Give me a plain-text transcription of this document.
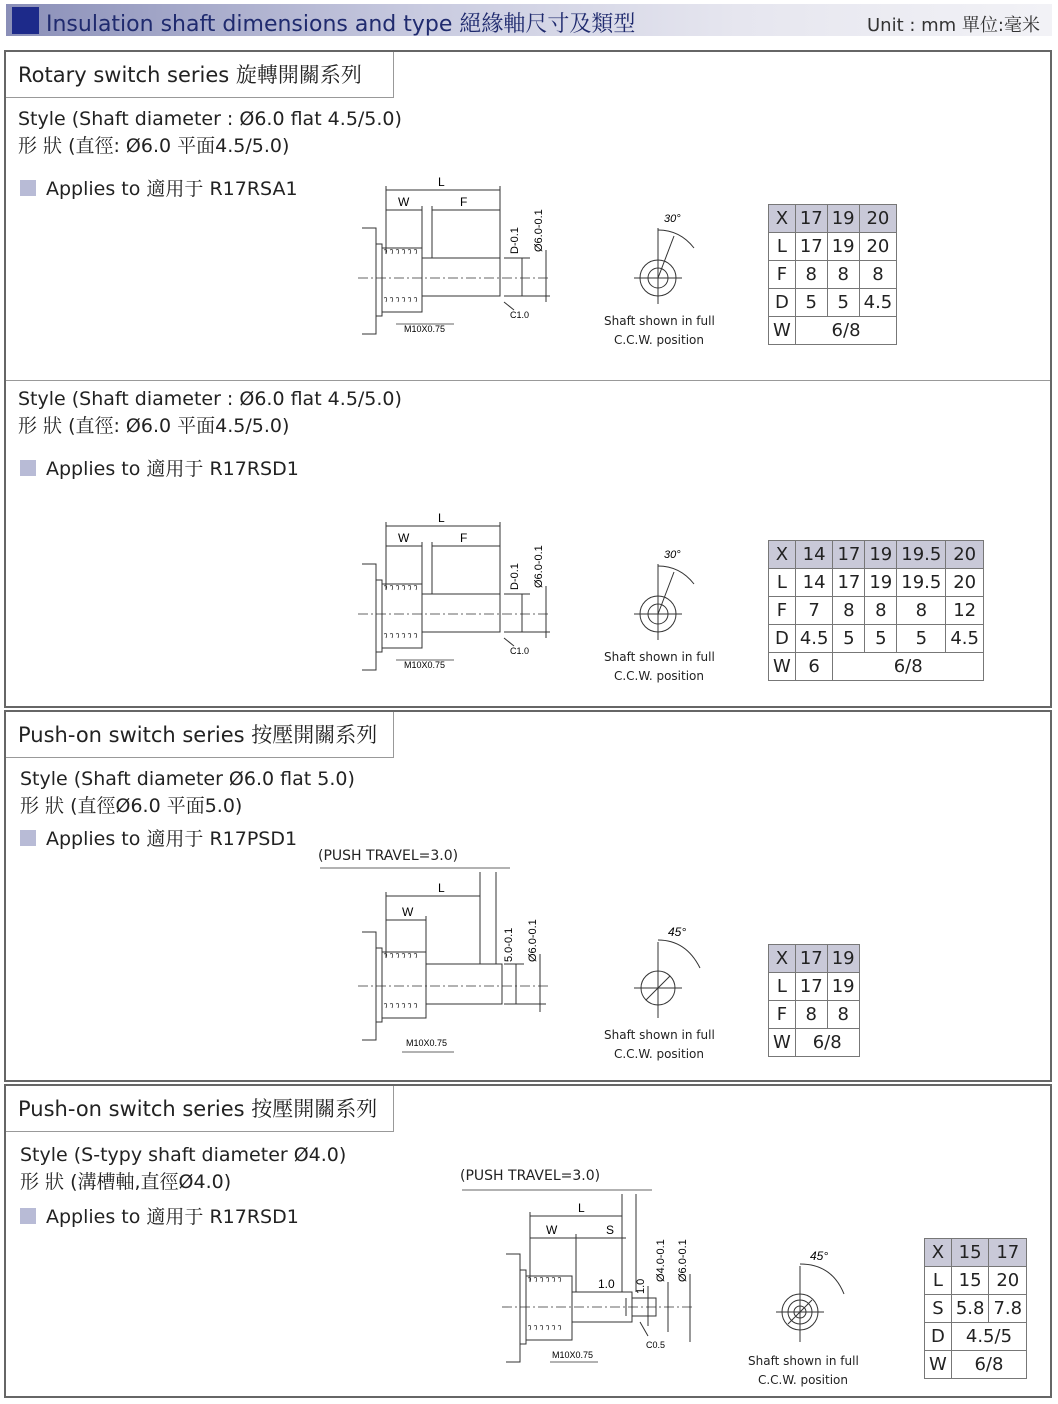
Insulation shaft dimensions and type 絕緣軸尺寸及類型	Unit : mm 單位:毫米
Rotary switch series 旋轉開關系列
Style (Shaft diameter : Ø6.0 flat 4.5/5.0)
形 狀 (直徑: Ø6.0 平面4.5/5.0)
Applies to 適用于 R17RSA1	L
W	F
D-0.1 Ø6.0-0.1
C1.0
M10X0.75
30°
Shaft shown in full
C.C.W. position
X	17	19	20
L	17	19	20
F	8	8	8
D	5	5	4.5
W	6/8		
Style (Shaft diameter : Ø6.0 flat 4.5/5.0)
形 狀 (直徑: Ø6.0 平面4.5/5.0)
Applies to 適用于 R17RSD1
L
W	F
D-0.1 Ø6.0-0.1
C1.0
M10X0.75
30°
Shaft shown in full
C.C.W. position
X	14	17	19	19.5	20
L	14	17	19	19.5	20
F	7	8	8	8	12
D	4.5	5	5	5	4.5
W	6	6/8			
Push-on switch series 按壓開關系列
Style (Shaft diameter Ø6.0 flat 5.0)
形 狀 (直徑Ø6.0 平面5.0)
Applies to 適用于 R17PSD1
(PUSH TRAVEL=3.0)
L
W
5.0-0.1 Ø6.0-0.1
M10X0.75
45°
Shaft shown in full
C.C.W. position
X	17	19
L	17	19
F	8	8
W	6/8	
Push-on switch series 按壓開關系列
Style (S-typy shaft diameter Ø4.0)
形 狀 (溝槽軸,直徑Ø4.0)
Applies to 適用于 R17RSD1
(PUSH TRAVEL=3.0)
L
W	S
1.0 1.0
Ø4.0-0.1 Ø6.0-0.1
C0.5
M10X0.75
45°
Shaft shown in full
C.C.W. position
X	15	17
L	15	20
S	5.8	7.8
D	4.5/5	
W	6/8	
